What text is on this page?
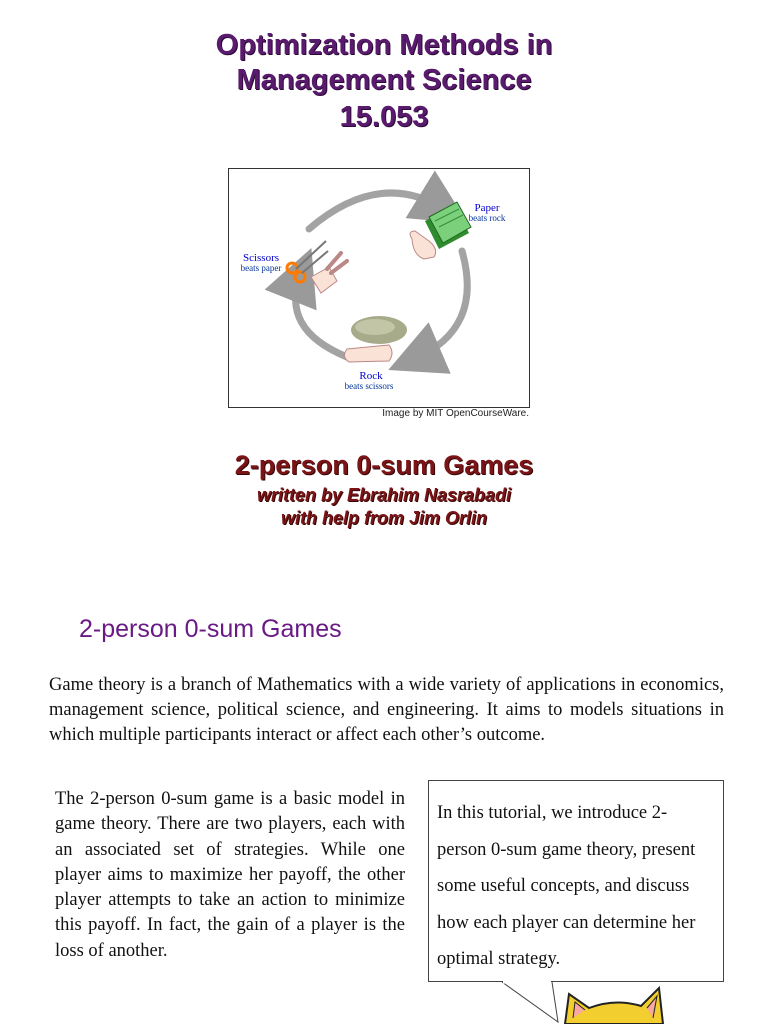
Optimization Methods in
Management Science
15.053
Paper
beats rock
Scissors
beats paper
Rock
beats scissors
Image by MIT OpenCourseWare.
2-person 0-sum Games
written by Ebrahim Nasrabadi
with help from Jim Orlin
2-person 0-sum Games
Game theory is a branch of Mathematics with a wide variety of applications in economics, management science, political science, and engineering. It aims to models situations in which multiple participants interact or affect each other’s outcome.
The 2-person 0-sum game is a basic model in game theory. There are two players, each with an associated set of strategies. While one player aims to maximize her payoff, the other player attempts to take an action to minimize this payoff. In fact, the gain of a player is the loss of another.
In this tutorial, we introduce 2-person 0-sum game theory, present some useful concepts, and discuss how each player can determine her optimal strategy.
